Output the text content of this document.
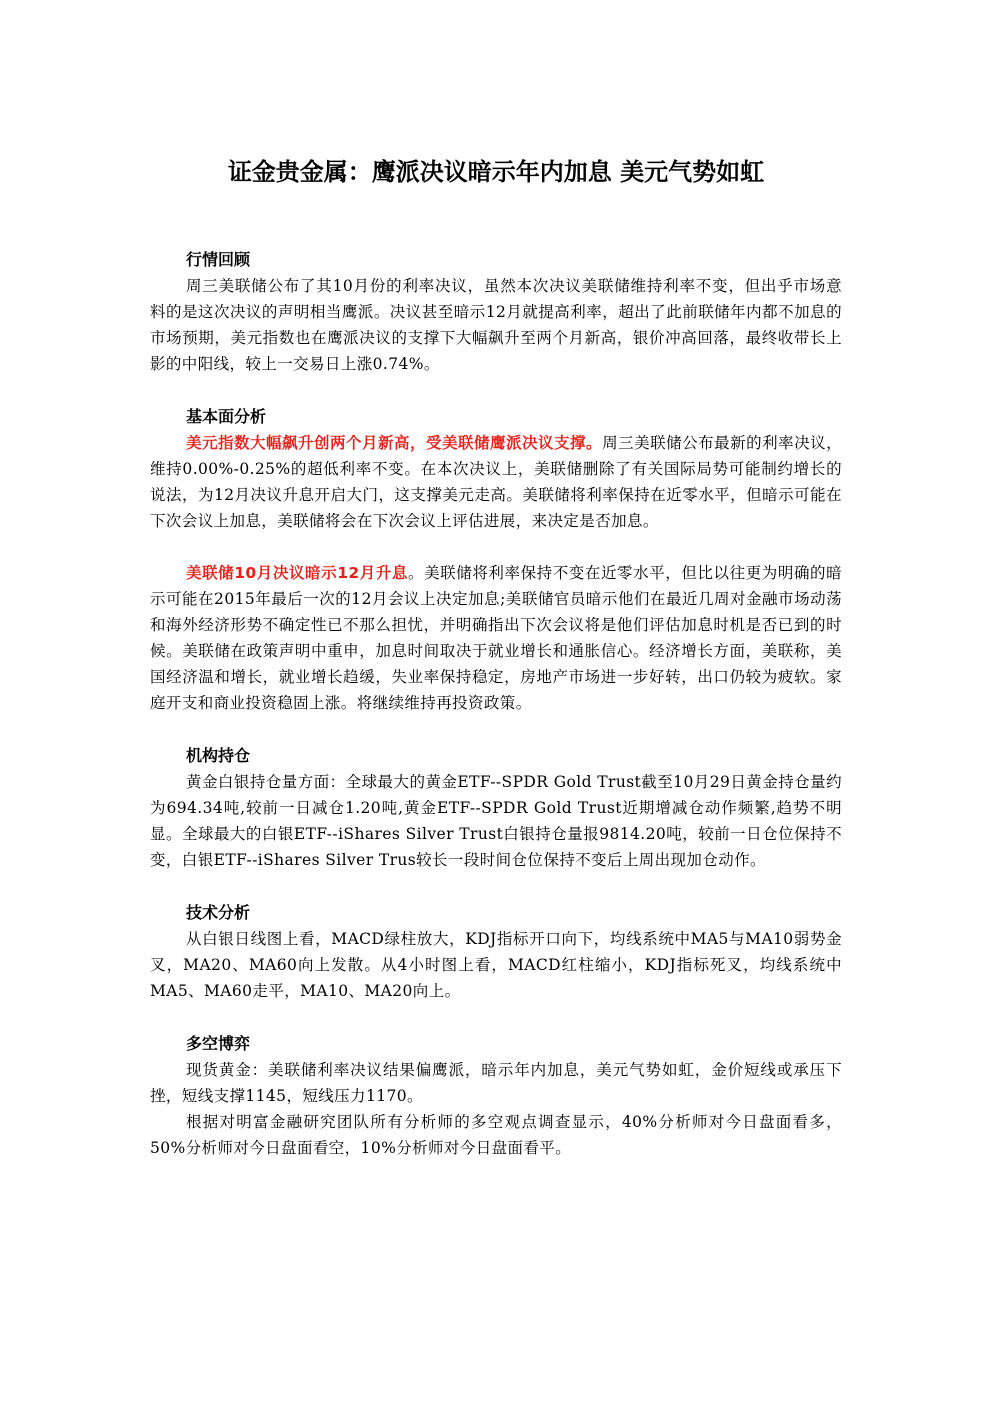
证金贵金属：鹰派决议暗示年内加息 美元气势如虹
行情回顾

周三美联储公布了其10月份的利率决议，虽然本次决议美联储维持利率不变，但出乎市场意料的是这次决议的声明相当鹰派。决议甚至暗示12月就提高利率，超出了此前联储年内都不加息的市场预期，美元指数也在鹰派决议的支撑下大幅飙升至两个月新高，银价冲高回落，最终收带长上影的中阳线，较上一交易日上涨0.74%。

基本面分析

美元指数大幅飙升创两个月新高，受美联储鹰派决议支撑。周三美联储公布最新的利率决议，维持0.00%-0.25%的超低利率不变。在本次决议上，美联储删除了有关国际局势可能制约增长的说法，为12月决议升息开启大门，这支撑美元走高。美联储将利率保持在近零水平，但暗示可能在下次会议上加息，美联储将会在下次会议上评估进展，来决定是否加息。

美联储10月决议暗示12月升息。美联储将利率保持不变在近零水平，但比以往更为明确的暗示可能在2015年最后一次的12月会议上决定加息;美联储官员暗示他们在最近几周对金融市场动荡和海外经济形势不确定性已不那么担忧，并明确指出下次会议将是他们评估加息时机是否已到的时候。美联储在政策声明中重申，加息时间取决于就业增长和通胀信心。经济增长方面，美联称，美国经济温和增长，就业增长趋缓，失业率保持稳定，房地产市场进一步好转，出口仍较为疲软。家庭开支和商业投资稳固上涨。将继续维持再投资政策。

机构持仓

黄金白银持仓量方面：全球最大的黄金ETF--SPDR Gold Trust截至10月29日黄金持仓量约为694.34吨,较前一日减仓1.20吨,黄金ETF--SPDR Gold Trust近期增减仓动作频繁,趋势不明显。全球最大的白银ETF--iShares Silver Trust白银持仓量报9814.20吨，较前一日仓位保持不变，白银ETF--iShares Silver Trus较长一段时间仓位保持不变后上周出现加仓动作。

技术分析

从白银日线图上看，MACD绿柱放大，KDJ指标开口向下，均线系统中MA5与MA10弱势金叉，MA20、MA60向上发散。从4小时图上看，MACD红柱缩小，KDJ指标死叉，均线系统中MA5、MA60走平，MA10、MA20向上。

多空博弈

现货黄金：美联储利率决议结果偏鹰派，暗示年内加息，美元气势如虹，金价短线或承压下挫，短线支撑1145，短线压力1170。

根据对明富金融研究团队所有分析师的多空观点调查显示，40%分析师对今日盘面看多，50%分析师对今日盘面看空，10%分析师对今日盘面看平。
